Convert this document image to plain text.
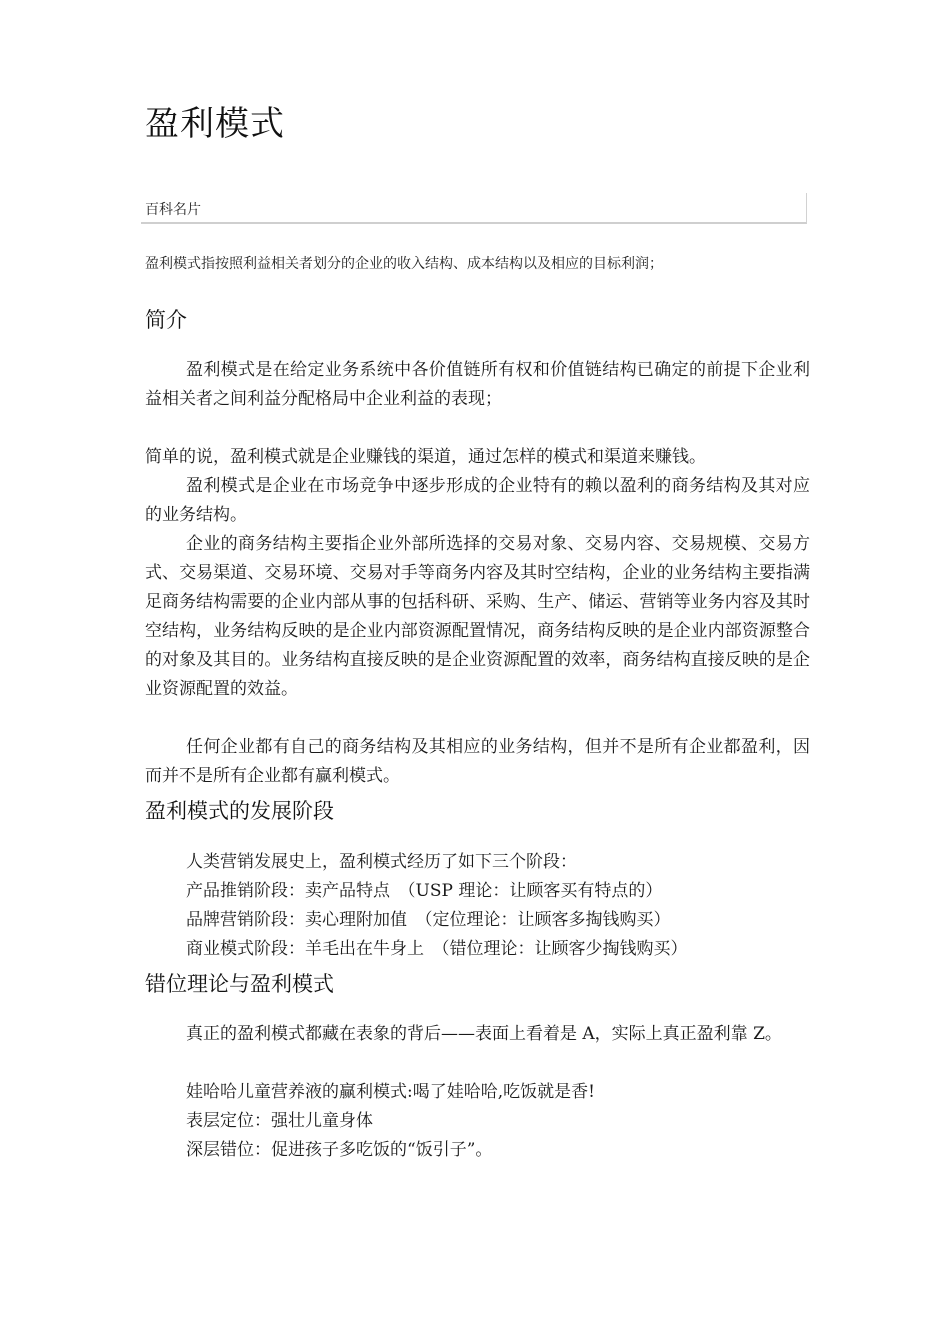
盈利模式
百科名片
盈利模式指按照利益相关者划分的企业的收入结构、成本结构以及相应的目标利润；
简介

盈利模式是在给定业务系统中各价值链所有权和价值链结构已确定的前提下企业利益相关者之间利益分配格局中企业利益的表现；

简单的说，盈利模式就是企业赚钱的渠道，通过怎样的模式和渠道来赚钱。

盈利模式是企业在市场竞争中逐步形成的企业特有的赖以盈利的商务结构及其对应的业务结构。

企业的商务结构主要指企业外部所选择的交易对象、交易内容、交易规模、交易方式、交易渠道、交易环境、交易对手等商务内容及其时空结构，企业的业务结构主要指满足商务结构需要的企业内部从事的包括科研、采购、生产、储运、营销等业务内容及其时空结构，业务结构反映的是企业内部资源配置情况，商务结构反映的是企业内部资源整合的对象及其目的。业务结构直接反映的是企业资源配置的效率，商务结构直接反映的是企业资源配置的效益。

任何企业都有自己的商务结构及其相应的业务结构，但并不是所有企业都盈利，因而并不是所有企业都有赢利模式。

盈利模式的发展阶段

人类营销发展史上，盈利模式经历了如下三个阶段：

产品推销阶段：卖产品特点　（USP 理论：让顾客买有特点的）

品牌营销阶段：卖心理附加值　（定位理论：让顾客多掏钱购买）

商业模式阶段：羊毛出在牛身上　（错位理论：让顾客少掏钱购买）

错位理论与盈利模式

真正的盈利模式都藏在表象的背后——表面上看着是 A，实际上真正盈利靠 Z。

娃哈哈儿童营养液的赢利模式:喝了娃哈哈,吃饭就是香!

表层定位：强壮儿童身体

深层错位：促进孩子多吃饭的“饭引子”。
